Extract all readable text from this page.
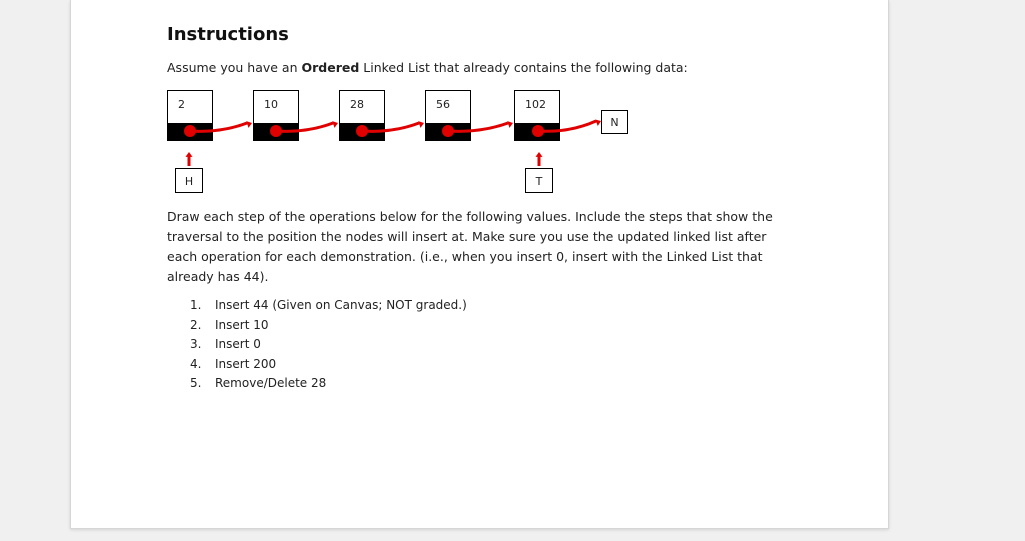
Instructions
Assume you have an Ordered Linked List that already contains the following data:
2	10	28	56	102
N
H	T
Draw each step of the operations below for the following values. Include the steps that show the traversal to the position the nodes will insert at. Make sure you use the updated linked list after each operation for each demonstration. (i.e., when you insert 0, insert with the Linked List that already has 44).
1. Insert 44 (Given on Canvas; NOT graded.)
2. Insert 10
3. Insert 0
4. Insert 200
5. Remove/Delete 28
